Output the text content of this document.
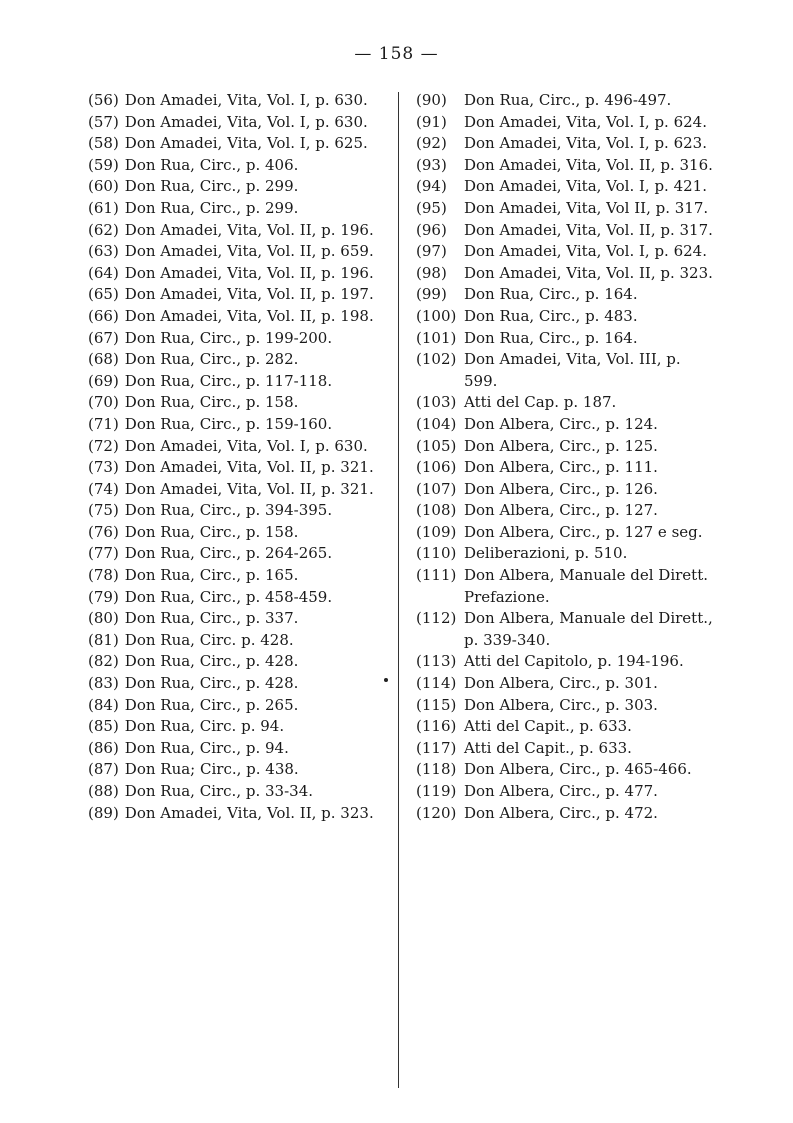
— 158 —
(56) Don Amadei, Vita, Vol. I, p. 630.
(57) Don Amadei, Vita, Vol. I, p. 630.
(58) Don Amadei, Vita, Vol. I, p. 625.
(59) Don Rua, Circ., p. 406.
(60) Don Rua, Circ., p. 299.
(61) Don Rua, Circ., p. 299.
(62) Don Amadei, Vita, Vol. II, p. 196.
(63) Don Amadei, Vita, Vol. II, p. 659.
(64) Don Amadei, Vita, Vol. II, p. 196.
(65) Don Amadei, Vita, Vol. II, p. 197.
(66) Don Amadei, Vita, Vol. II, p. 198.
(67) Don Rua, Circ., p. 199-200.
(68) Don Rua, Circ., p. 282.
(69) Don Rua, Circ., p. 117-118.
(70) Don Rua, Circ., p. 158.
(71) Don Rua, Circ., p. 159-160.
(72) Don Amadei, Vita, Vol. I, p. 630.
(73) Don Amadei, Vita, Vol. II, p. 321.
(74) Don Amadei, Vita, Vol. II, p. 321.
(75) Don Rua, Circ., p. 394-395.
(76) Don Rua, Circ., p. 158.
(77) Don Rua, Circ., p. 264-265.
(78) Don Rua, Circ., p. 165.
(79) Don Rua, Circ., p. 458-459.
(80) Don Rua, Circ., p. 337.
(81) Don Rua, Circ. p. 428.
(82) Don Rua, Circ., p. 428.
(83) Don Rua, Circ., p. 428.
(84) Don Rua, Circ., p. 265.
(85) Don Rua, Circ. p. 94.
(86) Don Rua, Circ., p. 94.
(87) Don Rua; Circ., p. 438.
(88) Don Rua, Circ., p. 33-34.
(89) Don Amadei, Vita, Vol. II, p. 323.
(90)	Don Rua, Circ., p. 496-497.
(91)	Don Amadei, Vita, Vol. I, p. 624.
(92)	Don Amadei, Vita, Vol. I, p. 623.
(93)	Don Amadei, Vita, Vol. II, p. 316.
(94)	Don Amadei, Vita, Vol. I, p. 421.
(95)	Don Amadei, Vita, Vol II, p. 317.
(96)	Don Amadei, Vita, Vol. II, p. 317.
(97)	Don Amadei, Vita, Vol. I, p. 624.
(98)	Don Amadei, Vita, Vol. II, p. 323.
(99)	Don Rua, Circ., p. 164.
(100) Don Rua, Circ., p. 483.
(101) Don Rua, Circ., p. 164.
(102) Don Amadei, Vita, Vol. III, p. 599.
(103) Atti del Cap. p. 187.
(104) Don Albera, Circ., p. 124.
(105) Don Albera, Circ., p. 125.
(106) Don Albera, Circ., p. 111.
(107) Don Albera, Circ., p. 126.
(108) Don Albera, Circ., p. 127.
(109) Don Albera, Circ., p. 127 e seg.
(110) Deliberazioni, p. 510.
(111) Don Albera, Manuale del Dirett. Prefazione.
(112) Don Albera, Manuale del Dirett., p. 339-340.
(113) Atti del Capitolo, p. 194-196.
(114) Don Albera, Circ., p. 301.
(115) Don Albera, Circ., p. 303.
(116) Atti del Capit., p. 633.
(117) Atti del Capit., p. 633.
(118) Don Albera, Circ., p. 465-466.
(119) Don Albera, Circ., p. 477.
(120) Don Albera, Circ., p. 472.
